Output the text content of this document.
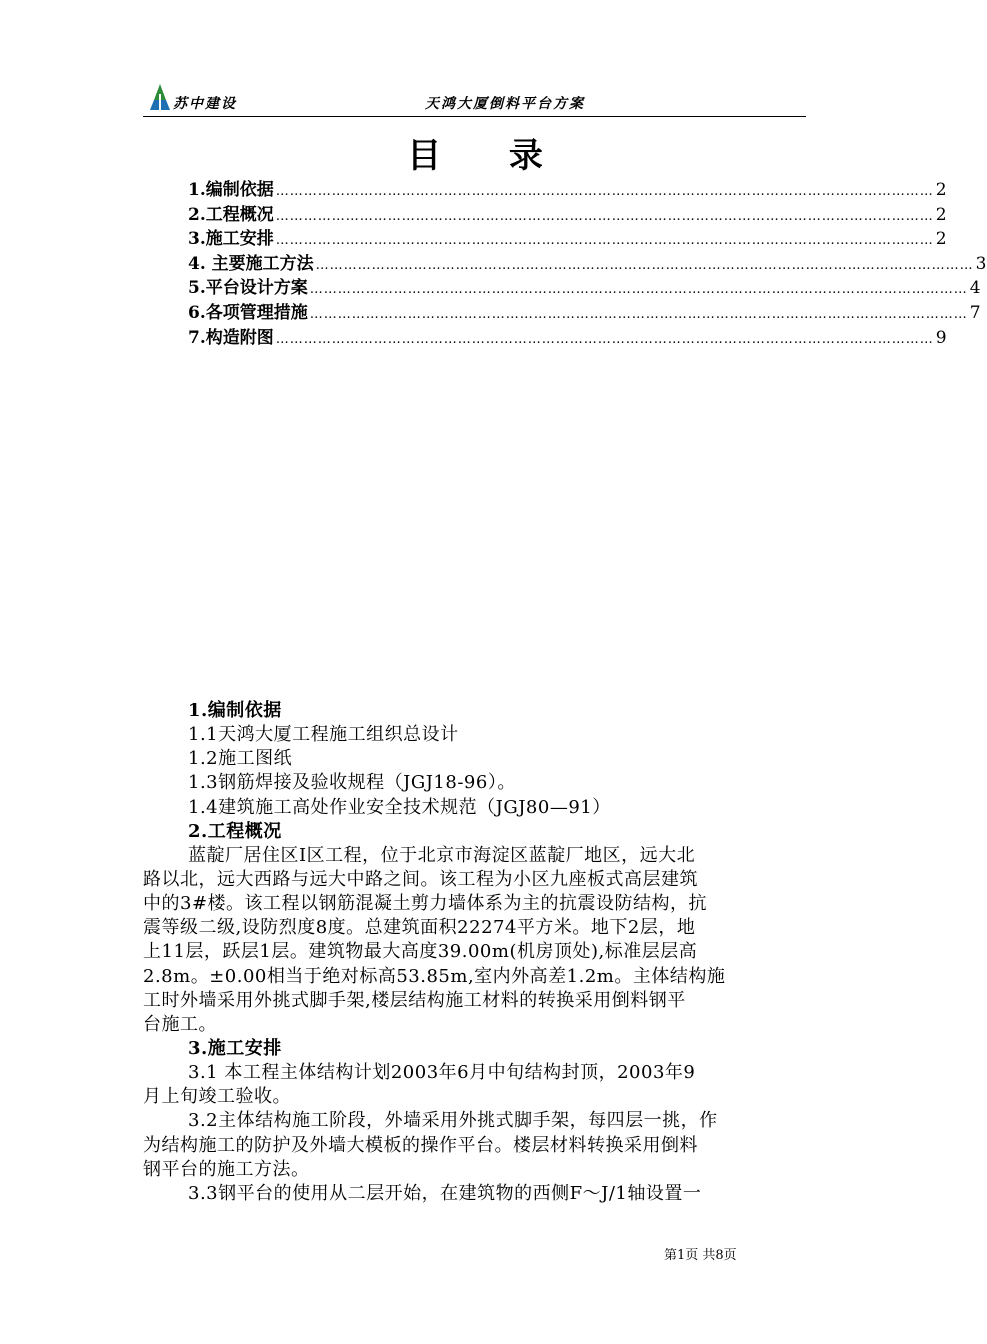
苏中建设	天鸿大厦倒料平台方案
目 录
1.编制依据 …………………………………………………………………………………………………………………………… 2
2.工程概况 …………………………………………………………………………………………………………………………… 2
3.施工安排 …………………………………………………………………………………………………………………………… 2
4. 主要施工方法 …………………………………………………………………………………………………………………………… 3
5.平台设计方案 …………………………………………………………………………………………………………………………… 4
6.各项管理措施 …………………………………………………………………………………………………………………………… 7
7.构造附图 …………………………………………………………………………………………………………………………… 9
1.编制依据
1.1天鸿大厦工程施工组织总设计
1.2施工图纸
1.3钢筋焊接及验收规程（JGJ18-96）。
1.4建筑施工高处作业安全技术规范（JGJ80—91）
2.工程概况
蓝靛厂居住区Ⅰ区工程，位于北京市海淀区蓝靛厂地区，远大北
路以北，远大西路与远大中路之间。该工程为小区九座板式高层建筑
中的3#楼。该工程以钢筋混凝土剪力墙体系为主的抗震设防结构，抗
震等级二级,设防烈度8度。总建筑面积22274平方米。地下2层，地
上11层，跃层1层。建筑物最大高度39.00m(机房顶处),标准层层高
2.8m。±0.00相当于绝对标高53.85m,室内外高差1.2m。主体结构施
工时外墙采用外挑式脚手架,楼层结构施工材料的转换采用倒料钢平
台施工。
3.施工安排
3.1 本工程主体结构计划2003年6月中旬结构封顶，2003年9
月上旬竣工验收。
3.2主体结构施工阶段，外墙采用外挑式脚手架，每四层一挑，作
为结构施工的防护及外墙大模板的操作平台。楼层材料转换采用倒料
钢平台的施工方法。
3.3钢平台的使用从二层开始，在建筑物的西侧F～J/1轴设置一
第1页 共8页
